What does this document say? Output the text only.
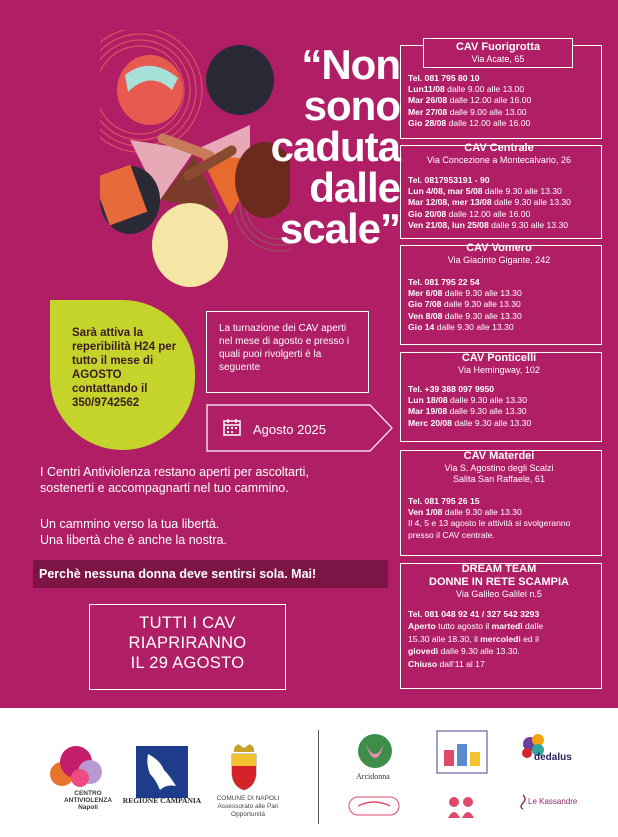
“Non
sono
caduta
dalle
scale”
CAV Fuorigrotta
Via Acate, 65
Tel. 081 795 80 10
Lun11/08 dalle 9.00 alle 13.00
Mar 26/08 dalle 12.00 alle 16.00
Mer 27/08 dalle 9.00 alle 13.00
Gio 28/08 dalle 12.00 alle 16.00
CAV Centrale
Via Concezione a Montecalvario, 26
Tel. 0817953191 - 90
Lun 4/08, mar 5/08 dalle 9.30 alle 13.30
Mar 12/08, mer 13/08 dalle 9.30 alle 13.30
Gio 20/08 dalle 12.00 alle 16.00
Ven 21/08, lun 25/08 dalle 9.30 alle 13.30
CAV Vomero
Via Giacinto Gigante, 242
Tel. 081 795 22 54
Mer 6/08 dalle 9.30 alle 13.30
Gio 7/08 dalle 9.30 alle 13.30
Ven 8/08 dalle 9.30 alle 13.30
Gio 14 dalle 9.30 alle 13.30
CAV Ponticelli
Via Hemingway, 102
Tel. +39 388 097 9950
Lun 18/08 dalle 9.30 alle 13.30
Mar 19/08 dalle 9.30 alle 13.30
Merc 20/08 dalle 9.30 alle 13.30
CAV Materdei
Via S. Agostino degli Scalzi
Salita San Raffaele, 61
Tel. 081 795 26 15
Ven 1/08 dalle 9.30 alle 13.30
Il 4, 5 e 13 agosto le attività si svolgeranno
presso il CAV centrale.
DREAM TEAM
DONNE IN RETE SCAMPIA
Via Galileo Galilei n.5
Tel. 081 048 92 41 / 327 542 3293
Aperto tutto agosto il martedì dalle
15.30 alle 18.30, il mercoledì ed il
giovedì dalle 9.30 alle 13.30.
Chiuso dall’11 al 17
Sarà attiva la reperibilità H24 per tutto il mese di AGOSTO contattando il 350/9742562
La turnazione dei CAV aperti nel mese di agosto e presso i quali puoi rivolgerti è la seguente
Agosto 2025
I Centri Antiviolenza restano aperti per ascoltarti,
sostenerti e accompagnarti nel tuo cammino.
Un cammino verso la tua libertà.
Una libertà che è anche la nostra.
Perchè nessuna donna deve sentirsi sola. Mai!
TUTTI I CAV
RIAPRIRANNO
IL 29 AGOSTO
CENTRO
ANTIVIOLENZA
Napoli
REGIONE CAMPANIA	COMUNE DI NAPOLI
Assessorato alle Pari Opportunità
Arcidonna
dedalus
Le Kassandre
